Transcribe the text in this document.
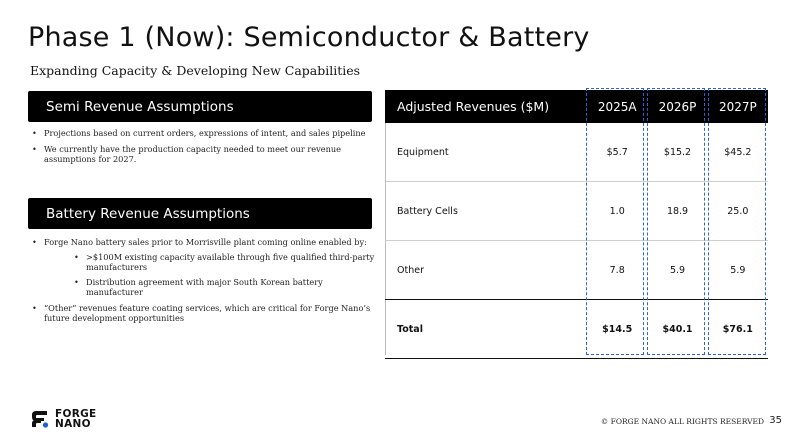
Phase 1 (Now): Semiconductor & Battery
Expanding Capacity & Developing New Capabilities
Semi Revenue Assumptions
• Projections based on current orders, expressions of intent, and sales pipeline
• We currently have the production capacity needed to meet our revenue assumptions for 2027.
Battery Revenue Assumptions
• Forge Nano battery sales prior to Morrisville plant coming online enabled by:
• >$100M existing capacity available through five qualified third-party manufacturers
• Distribution agreement with major South Korean battery manufacturer
• “Other” revenues feature coating services, which are critical for Forge Nano’s future development opportunities
Adjusted Revenues ($M)	2025A	2026P	2027P
Equipment	$5.7	$15.2	$45.2
Battery Cells	1.0	18.9	25.0
Other	7.8	5.9	5.9
Total	$14.5	$40.1	$76.1
FORGE
NANO	© FORGE NANO ALL RIGHTS RESERVED 35
